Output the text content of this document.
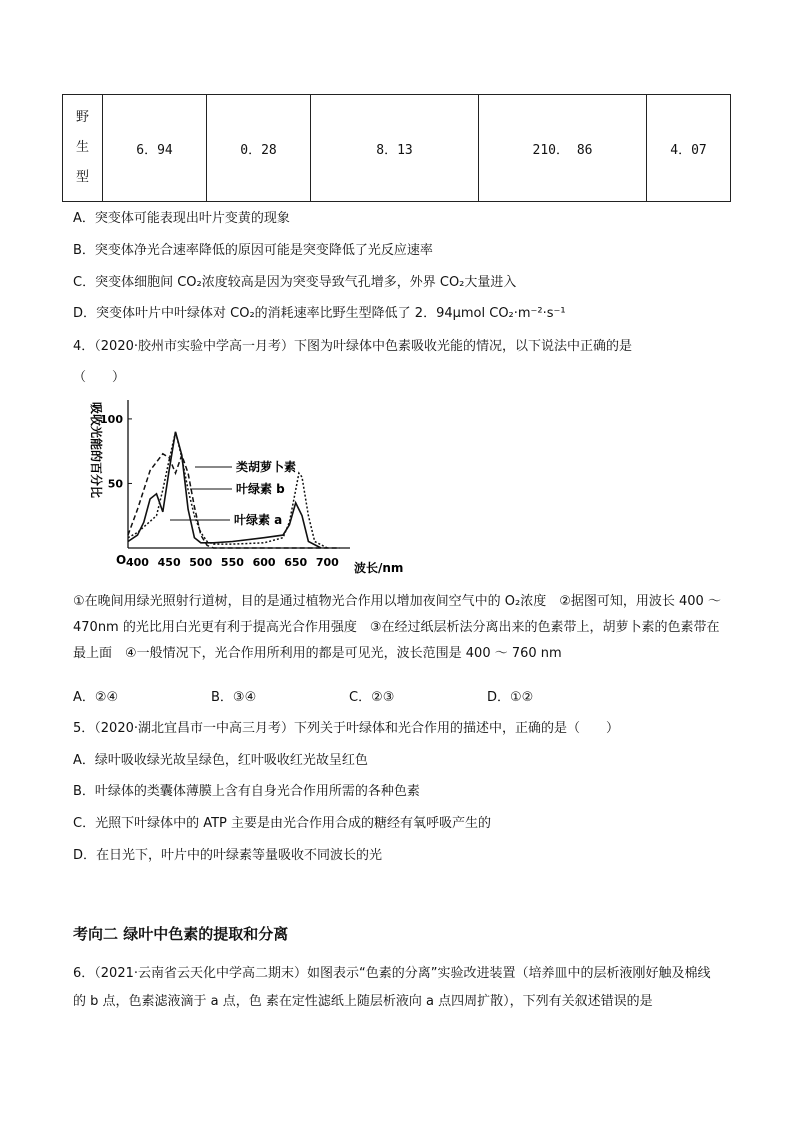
野
生
型	6．94	0．28	8．13	210． 86	4．07
A．突变体可能表现出叶片变黄的现象
B．突变体净光合速率降低的原因可能是突变降低了光反应速率
C．突变体细胞间 CO₂浓度较高是因为突变导致气孔增多，外界 CO₂大量进入
D．突变体叶片中叶绿体对 CO₂的消耗速率比野生型降低了 2．94μmol CO₂·m⁻²·s⁻¹
4．（2020·胶州市实验中学高一月考）下图为叶绿体中色素吸收光能的情况，以下说法中正确的是
（　　）
吸收光能的百分比
波长/nm
O 400 450 500 550 600 650 700
50
100
类胡萝卜素
叶绿素 b
叶绿素 a
①在晚间用绿光照射行道树，目的是通过植物光合作用以增加夜间空气中的 O₂浓度　②据图可知，用波长 400 ～ 470nm 的光比用白光更有利于提高光合作用强度　③在经过纸层析法分离出来的色素带上，胡萝卜素的色素带在最上面　④一般情况下，光合作用所利用的都是可见光，波长范围是 400 ～ 760 nm
A．②④	B．③④	C．②③	D．①②
5．（2020·湖北宜昌市一中高三月考）下列关于叶绿体和光合作用的描述中，正确的是（　　）
A．绿叶吸收绿光故呈绿色，红叶吸收红光故呈红色
B．叶绿体的类囊体薄膜上含有自身光合作用所需的各种色素
C．光照下叶绿体中的 ATP 主要是由光合作用合成的糖经有氧呼吸产生的
D．在日光下，叶片中的叶绿素等量吸收不同波长的光
考向二 绿叶中色素的提取和分离
6．（2021·云南省云天化中学高二期末）如图表示“色素的分离”实验改进装置（培养皿中的层析液刚好触及棉线的 b 点，色素滤液滴于 a 点，色 素在定性滤纸上随层析液向 a 点四周扩散），下列有关叙述错误的是
